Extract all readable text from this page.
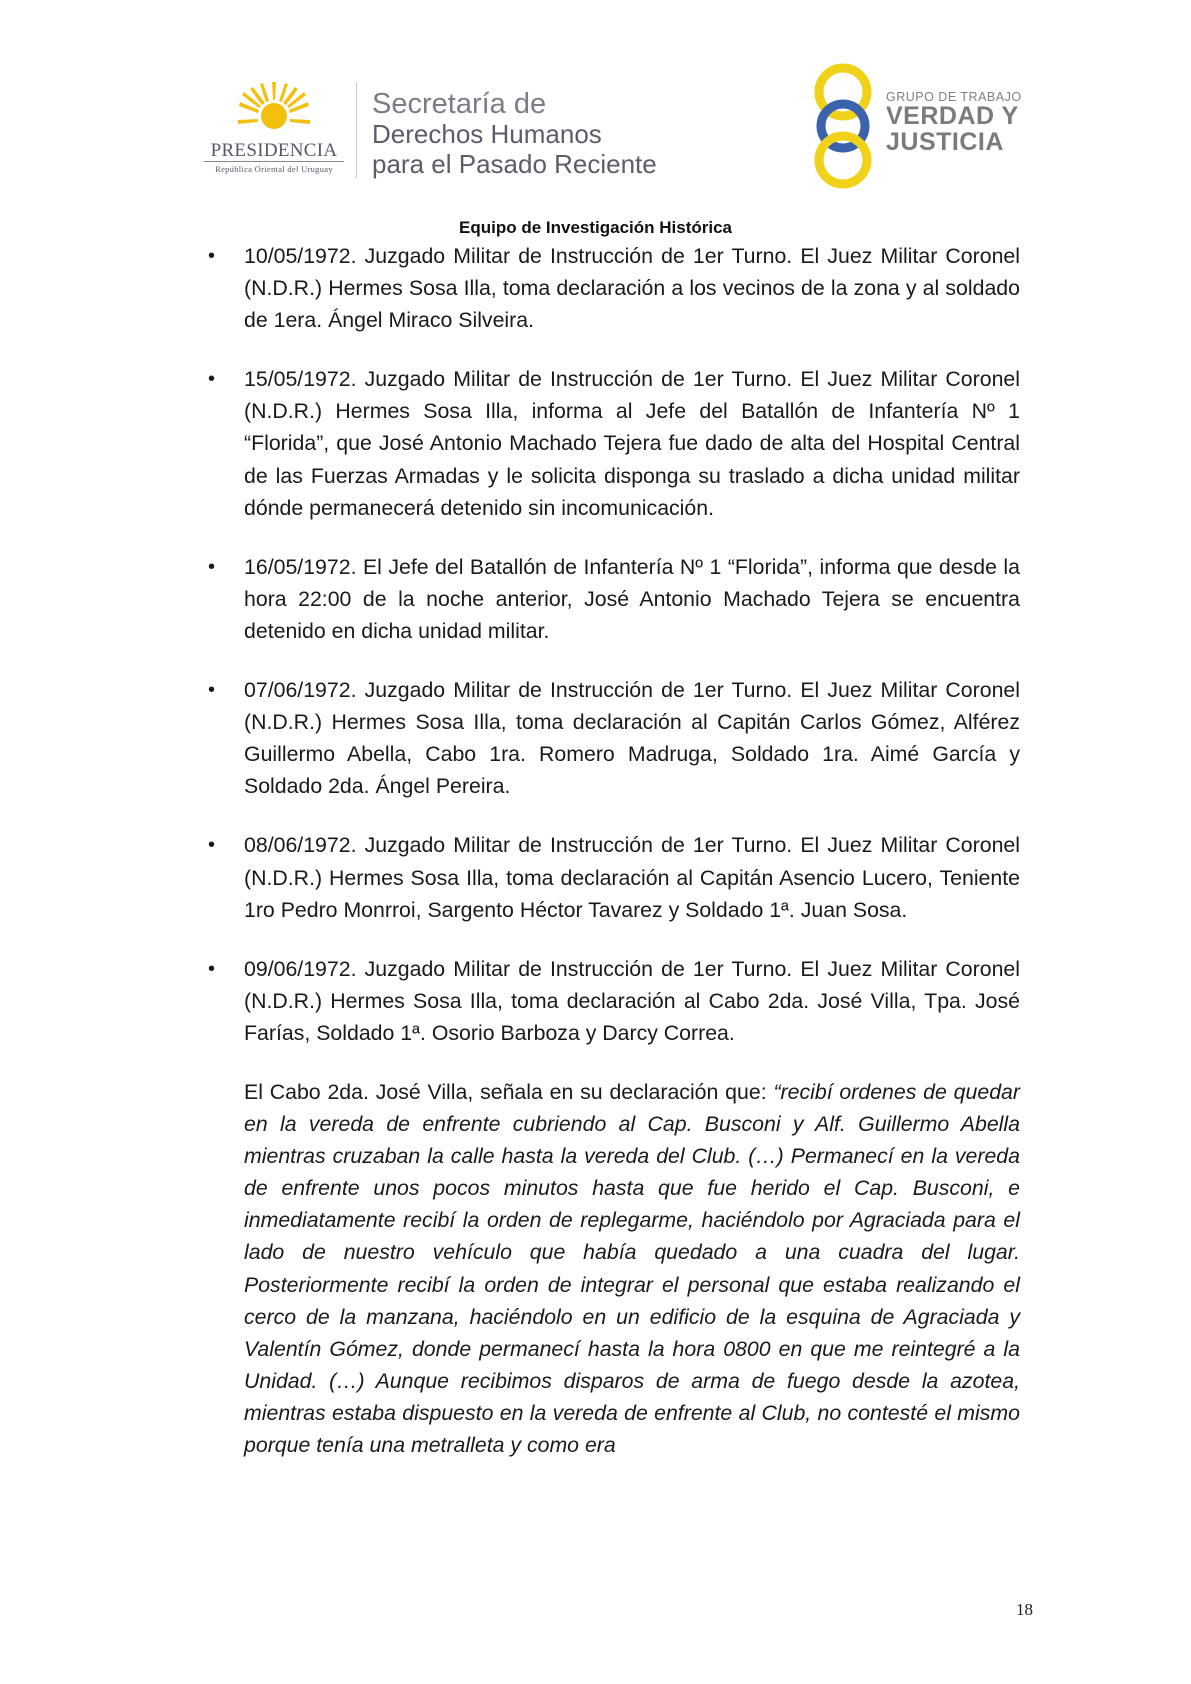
PRESIDENCIA
República Oriental del Uruguay
Secretaría de
Derechos Humanos
para el Pasado Reciente
GRUPO DE TRABAJO
VERDAD Y
JUSTICIA
Equipo de Investigación Histórica
• 10/05/1972. Juzgado Militar de Instrucción de 1er Turno. El Juez Militar Coronel (N.D.R.) Hermes Sosa Illa, toma declaración a los vecinos de la zona y al soldado de 1era. Ángel Miraco Silveira.

• 15/05/1972. Juzgado Militar de Instrucción de 1er Turno. El Juez Militar Coronel (N.D.R.) Hermes Sosa Illa, informa al Jefe del Batallón de Infantería Nº 1 “Florida”, que José Antonio Machado Tejera fue dado de alta del Hospital Central de las Fuerzas Armadas y le solicita disponga su traslado a dicha unidad militar dónde permanecerá detenido sin incomunicación.

• 16/05/1972. El Jefe del Batallón de Infantería Nº 1 “Florida”, informa que desde la hora 22:00 de la noche anterior, José Antonio Machado Tejera se encuentra detenido en dicha unidad militar.

• 07/06/1972. Juzgado Militar de Instrucción de 1er Turno. El Juez Militar Coronel (N.D.R.) Hermes Sosa Illa, toma declaración al Capitán Carlos Gómez, Alférez Guillermo Abella, Cabo 1ra. Romero Madruga, Soldado 1ra. Aimé García y Soldado 2da. Ángel Pereira.

• 08/06/1972. Juzgado Militar de Instrucción de 1er Turno. El Juez Militar Coronel (N.D.R.) Hermes Sosa Illa, toma declaración al Capitán Asencio Lucero, Teniente 1ro Pedro Monrroi, Sargento Héctor Tavarez y Soldado 1ª. Juan Sosa.

• 09/06/1972. Juzgado Militar de Instrucción de 1er Turno. El Juez Militar Coronel (N.D.R.) Hermes Sosa Illa, toma declaración al Cabo 2da. José Villa, Tpa. José Farías, Soldado 1ª. Osorio Barboza y Darcy Correa.

El Cabo 2da. José Villa, señala en su declaración que: “recibí ordenes de quedar en la vereda de enfrente cubriendo al Cap. Busconi y Alf. Guillermo Abella mientras cruzaban la calle hasta la vereda del Club. (…) Permanecí en la vereda de enfrente unos pocos minutos hasta que fue herido el Cap. Busconi, e inmediatamente recibí la orden de replegarme, haciéndolo por Agraciada para el lado de nuestro vehículo que había quedado a una cuadra del lugar. Posteriormente recibí la orden de integrar el personal que estaba realizando el cerco de la manzana, haciéndolo en un edificio de la esquina de Agraciada y Valentín Gómez, donde permanecí hasta la hora 0800 en que me reintegré a la Unidad. (…) Aunque recibimos disparos de arma de fuego desde la azotea, mientras estaba dispuesto en la vereda de enfrente al Club, no contesté el mismo porque tenía una metralleta y como era

18
